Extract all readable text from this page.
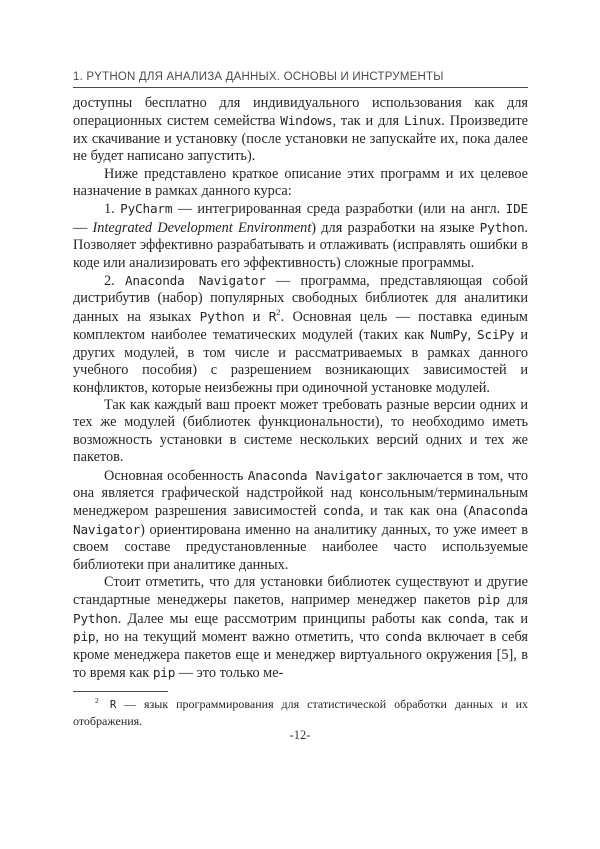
1. PYTHON ДЛЯ АНАЛИЗА ДАННЫХ. ОСНОВЫ И ИНСТРУМЕНТЫ

доступны бесплатно для индивидуального использования как для операционных систем семейства Windows, так и для Linux. Произведите их скачивание и установку (после установки не запускайте их, пока далее не будет написано запустить).

Ниже представлено краткое описание этих программ и их целевое назначение в рамках данного курса:

1. PyCharm — интегрированная среда разработки (или на англ. IDE — Integrated Development Environment) для разработки на языке Python. Позволяет эффективно разрабатывать и отлаживать (исправлять ошибки в коде или анализировать его эффективность) сложные программы.

2. Anaconda Navigator — программа, представляющая собой дистрибутив (набор) популярных свободных библиотек для аналитики данных на языках Python и $R^2$. Основная цель — поставка единым комплектом наиболее тематических модулей (таких как NumPy, SciPy и других модулей, в том числе и рассматриваемых в рамках данного учебного пособия) с разрешением возникающих зависимостей и конфликтов, которые неизбежны при одиночной установке модулей.

Так как каждый ваш проект может требовать разные версии одних и тех же модулей (библиотек функциональности), то необходимо иметь возможность установки в системе нескольких версий одних и тех же пакетов.

Основная особенность Anaconda Navigator заключается в том, что она является графической надстройкой над консольным/терминальным менеджером разрешения зависимостей conda, и так как она (Anaconda Navigator) ориентирована именно на аналитику данных, то уже имеет в своем составе предустановленные наиболее часто используемые библиотеки при аналитике данных.

Стоит отметить, что для установки библиотек существуют и другие стандартные менеджеры пакетов, например менеджер пакетов pip для Python. Далее мы еще рассмотрим принципы работы как conda, так и pip, но на текущий момент важно отметить, что conda включает в себя кроме менеджера пакетов еще и менеджер виртуального окружения [5], в то время как pip — это только ме-

$^2$ R — язык программирования для статистической обработки данных и их отображения.

-12-
